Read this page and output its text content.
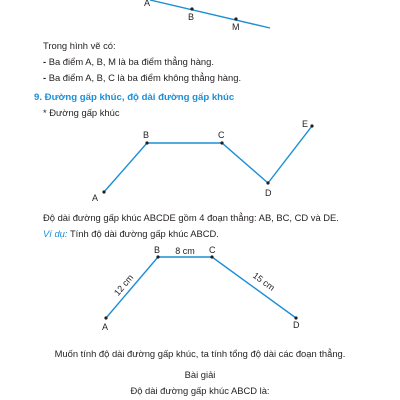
A
B
M
Trong hình vẽ có:
- Ba điểm A, B, M là ba điểm thẳng hàng.
- Ba điểm A, B, C là ba điểm không thẳng hàng.
9. Đường gấp khúc, độ dài đường gấp khúc
* Đường gấp khúc
A
B	C
D
E
Độ dài đường gấp khúc ABCDE gồm 4 đoạn thẳng: AB, BC, CD và DE.
Ví dụ: Tính độ dài đường gấp khúc ABCD.
A
B	C
D
12 cm
8 cm
15 cm
Muốn tính độ dài đường gấp khúc, ta tính tổng độ dài các đoạn thẳng.
Bài giải
Độ dài đường gấp khúc ABCD là:
